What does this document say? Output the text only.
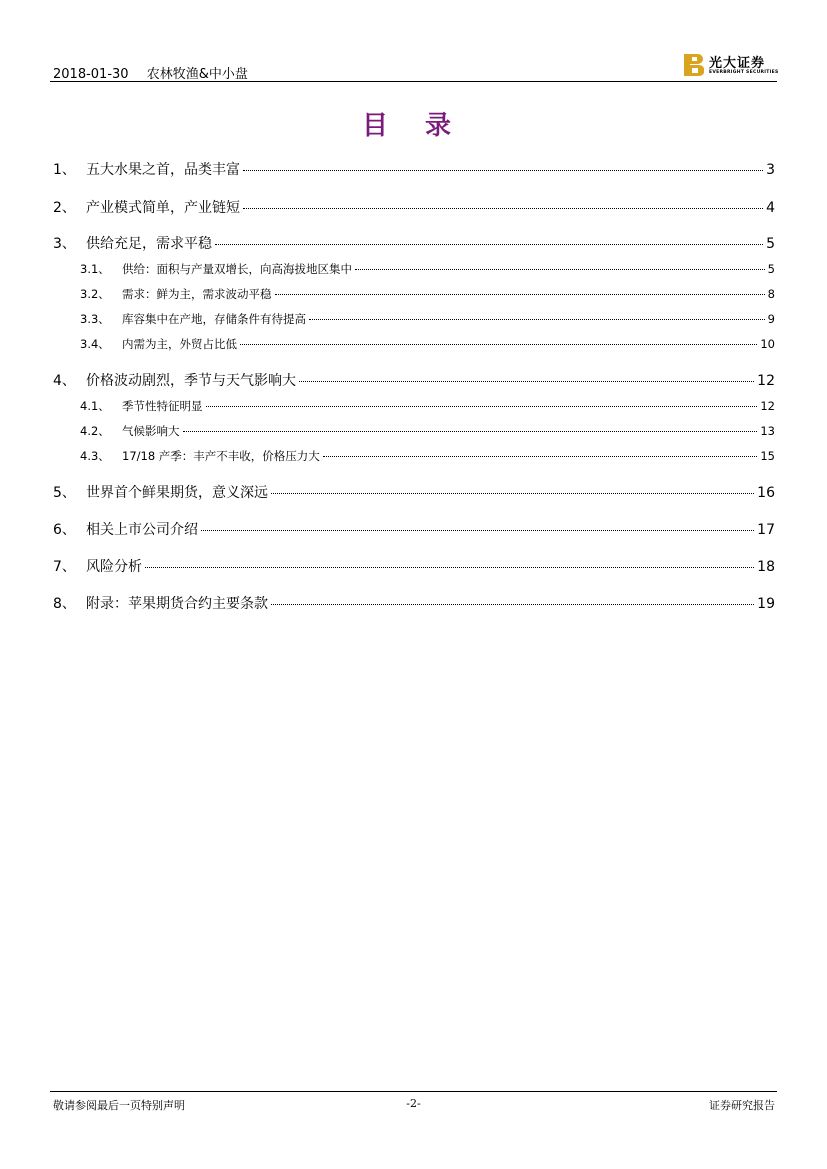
2018-01-30 农林牧渔&中小盘
光大证券
EVERBRIGHT SECURITIES
目 录
1、 五大水果之首，品类丰富	3
2、 产业模式简单，产业链短	4
3、 供给充足，需求平稳	5
3.1、	供给：面积与产量双增长，向高海拔地区集中	5
3.2、	需求：鲜为主，需求波动平稳	8
3.3、	库容集中在产地，存储条件有待提高	9
3.4、	内需为主，外贸占比低	10
4、 价格波动剧烈，季节与天气影响大	12
4.1、	季节性特征明显	12
4.2、	气候影响大	13
4.3、	17/18 产季：丰产不丰收，价格压力大	15
5、 世界首个鲜果期货，意义深远	16
6、 相关上市公司介绍	17
7、 风险分析	18
8、 附录：苹果期货合约主要条款	19
敬请参阅最后一页特别声明	-2-	证券研究报告
